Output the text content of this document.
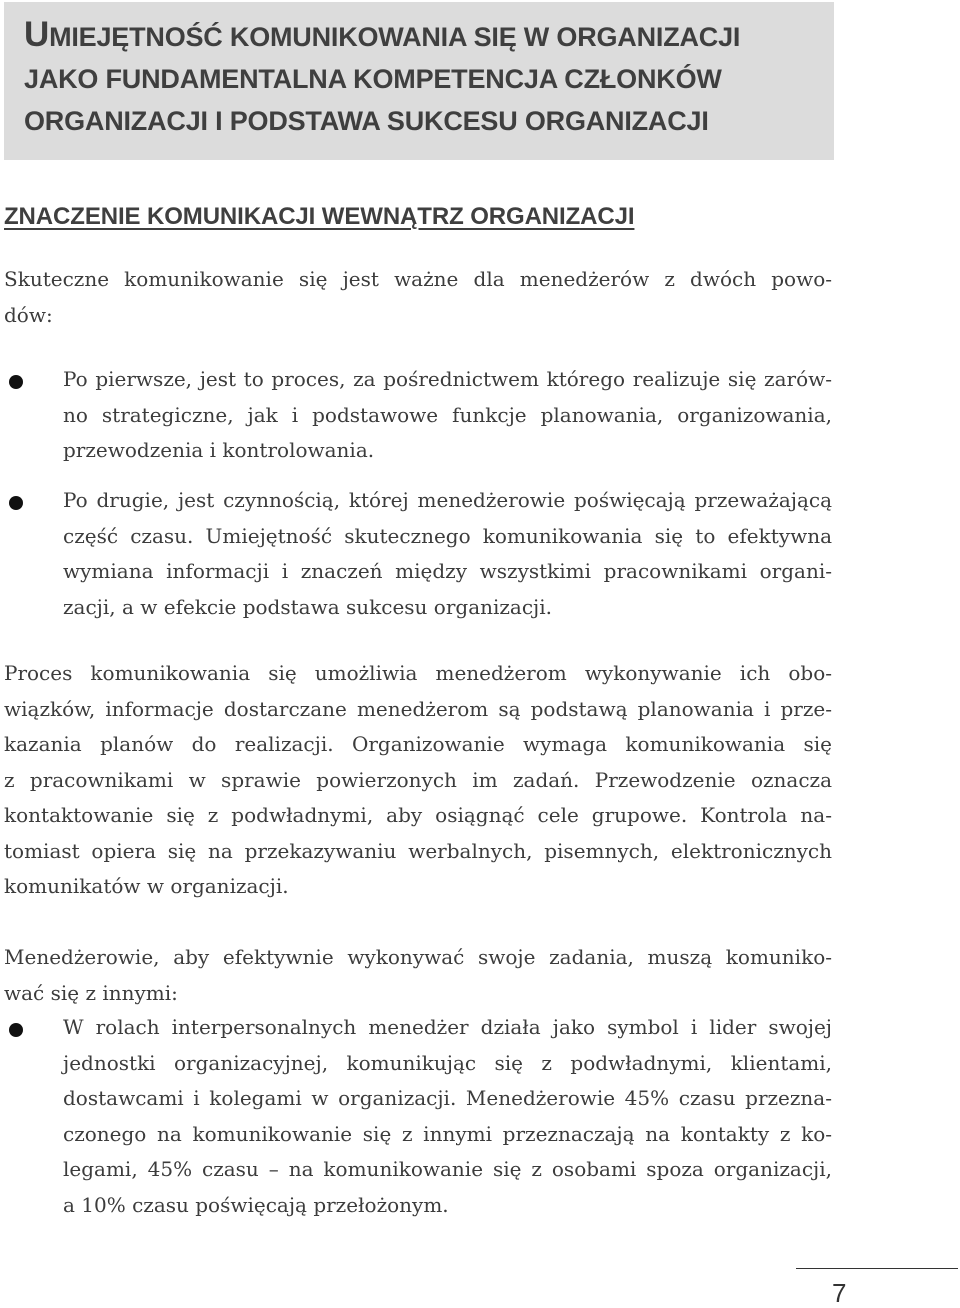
UMIEJĘTNOŚĆ KOMUNIKOWANIA SIĘ W ORGANIZACJI
JAKO FUNDAMENTALNA KOMPETENCJA CZŁONKÓW
ORGANIZACJI I PODSTAWA SUKCESU ORGANIZACJI
ZNACZENIE KOMUNIKACJI WEWNĄTRZ ORGANIZACJI

Skuteczne komunikowanie się jest ważne dla menedżerów z dwóch powo-
dów:

Po pierwsze, jest to proces, za pośrednictwem którego realizuje się zarów-
no strategiczne, jak i podstawowe funkcje planowania, organizowania,
przewodzenia i kontrolowania.

Po drugie, jest czynnością, której menedżerowie poświęcają przeważającą
część czasu. Umiejętność skutecznego komunikowania się to efektywna
wymiana informacji i znaczeń między wszystkimi pracownikami organi-
zacji, a w efekcie podstawa sukcesu organizacji.

Proces komunikowania się umożliwia menedżerom wykonywanie ich obo-
wiązków, informacje dostarczane menedżerom są podstawą planowania i prze-
kazania planów do realizacji. Organizowanie wymaga komunikowania się
z pracownikami w sprawie powierzonych im zadań. Przewodzenie oznacza
kontaktowanie się z podwładnymi, aby osiągnąć cele grupowe. Kontrola na-
tomiast opiera się na przekazywaniu werbalnych, pisemnych, elektronicznych
komunikatów w organizacji.

Menedżerowie, aby efektywnie wykonywać swoje zadania, muszą komuniko-
wać się z innymi:

W rolach interpersonalnych menedżer działa jako symbol i lider swojej
jednostki organizacyjnej, komunikując się z podwładnymi, klientami,
dostawcami i kolegami w organizacji. Menedżerowie 45% czasu przezna-
czonego na komunikowanie się z innymi przeznaczają na kontakty z ko-
legami, 45% czasu – na komunikowanie się z osobami spoza organizacji,
a 10% czasu poświęcają przełożonym.

7
